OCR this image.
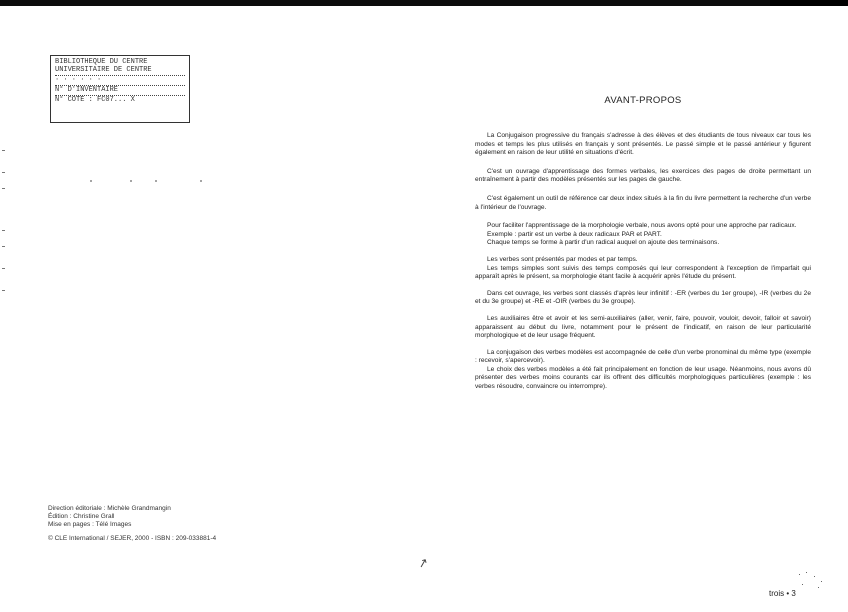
BIBLIOTHEQUE DU CENTRE
UNIVERSITAIRE DE CENTRE
· · · · · ·
N° D'INVENTAIRE
N° COTE : FC07... X
Direction éditoriale : Michèle Grandmangin
Édition : Christine Grall
Mise en pages : Télé Images
© CLE International / SEJER, 2000 - ISBN : 209-033881-4
↗
AVANT-PROPOS

La Conjugaison progressive du français s'adresse à des élèves et des étudiants de tous niveaux car tous les modes et temps les plus utilisés en français y sont présentés. Le passé simple et le passé antérieur y figurent également en raison de leur utilité en situations d'écrit.

C'est un ouvrage d'apprentissage des formes verbales, les exercices des pages de droite permettant un entraînement à partir des modèles présentés sur les pages de gauche.

C'est également un outil de référence car deux index situés à la fin du livre permettent la recherche d'un verbe à l'intérieur de l'ouvrage.

Pour faciliter l'apprentissage de la morphologie verbale, nous avons opté pour une approche par radicaux.

Exemple : partir est un verbe à deux radicaux PAR et PART.

Chaque temps se forme à partir d'un radical auquel on ajoute des terminaisons.

Les verbes sont présentés par modes et par temps.

Les temps simples sont suivis des temps composés qui leur correspondent à l'exception de l'imparfait qui apparaît après le présent, sa morphologie étant facile à acquérir après l'étude du présent.

Dans cet ouvrage, les verbes sont classés d'après leur infinitif : -ER (verbes du 1er groupe), -IR (verbes du 2e et du 3e groupe) et -RE et -OIR (verbes du 3e groupe).

Les auxiliaires être et avoir et les semi-auxiliaires (aller, venir, faire, pouvoir, vouloir, devoir, falloir et savoir) apparaissent au début du livre, notamment pour le présent de l'indicatif, en raison de leur particularité morphologique et de leur usage fréquent.

La conjugaison des verbes modèles est accompagnée de celle d'un verbe pronominal du même type (exemple : recevoir, s'apercevoir).

Le choix des verbes modèles a été fait principalement en fonction de leur usage. Néanmoins, nous avons dû présenter des verbes moins courants car ils offrent des difficultés morphologiques particulières (exemple : les verbes résoudre, convaincre ou interrompre).

trois • 3
